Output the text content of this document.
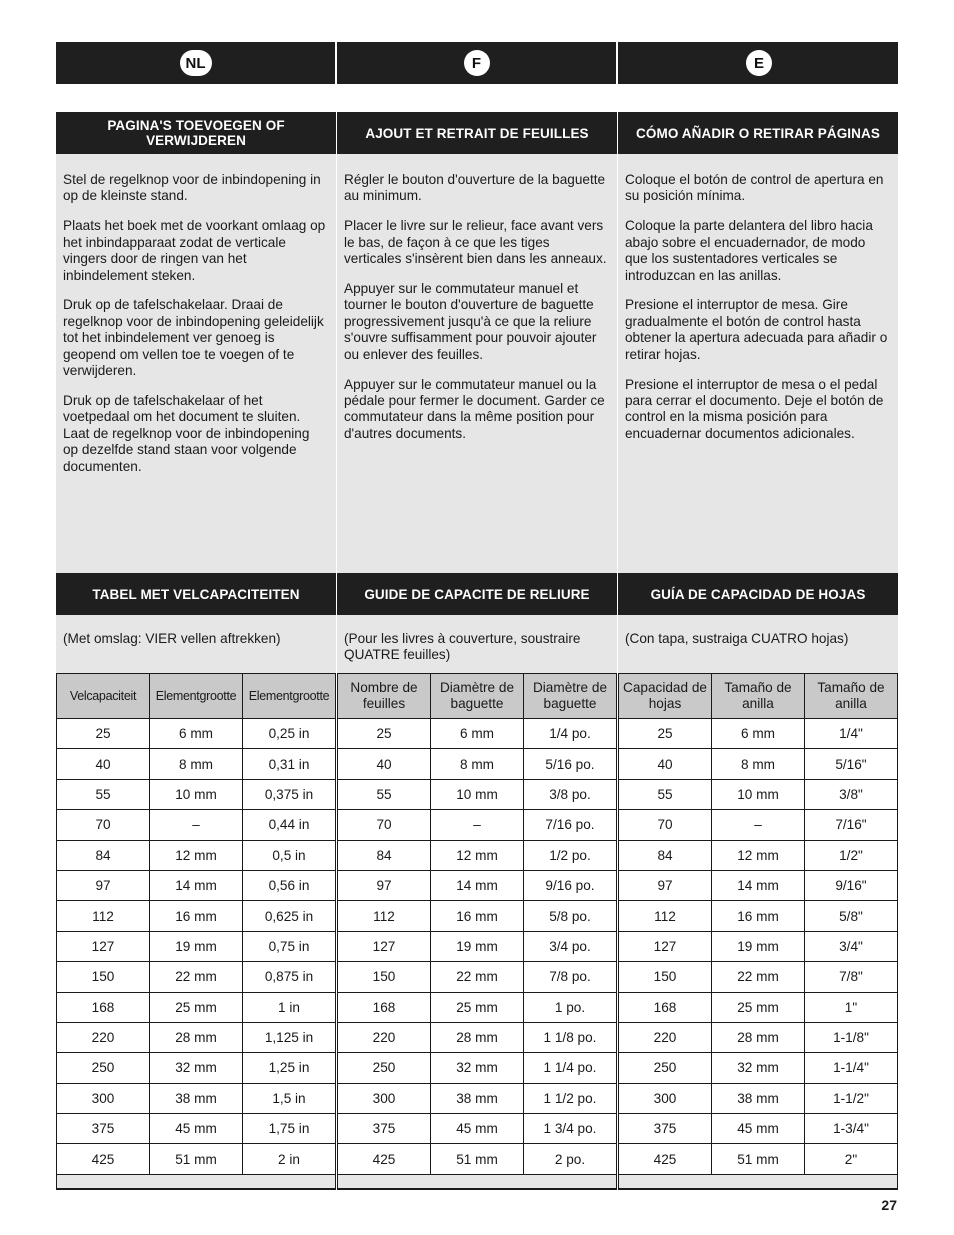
NL	F	E
PAGINA'S TOEVOEGEN OF VERWIJDEREN

Stel de regelknop voor de inbindopening in op de kleinste stand.

Plaats het boek met de voorkant omlaag op het inbindapparaat zodat de verticale vingers door de ringen van het inbindelement steken.

Druk op de tafelschakelaar. Draai de regelknop voor de inbindopening geleidelijk tot het inbindelement ver genoeg is geopend om vellen toe te voegen of te verwijderen.

Druk op de tafelschakelaar of het voetpedaal om het document te sluiten. Laat de regelknop voor de inbindopening op dezelfde stand staan voor volgende documenten.

TABEL MET VELCAPACITEITEN
(Met omslag: VIER vellen aftrekken)
Velcapaciteit	Elementgrootte	Elementgrootte
25	6 mm	0,25 in
40	8 mm	0,31 in
55	10 mm	0,375 in
70	–	0,44 in
84	12 mm	0,5 in
97	14 mm	0,56 in
112	16 mm	0,625 in
127	19 mm	0,75 in
150	22 mm	0,875 in
168	25 mm	1 in
220	28 mm	1,125 in
250	32 mm	1,25 in
300	38 mm	1,5 in
375	45 mm	1,75 in
425	51 mm	2 in
AJOUT ET RETRAIT DE FEUILLES

Régler le bouton d'ouverture de la baguette au minimum.

Placer le livre sur le relieur, face avant vers le bas, de façon à ce que les tiges verticales s'insèrent bien dans les anneaux.

Appuyer sur le commutateur manuel et tourner le bouton d'ouverture de baguette progressivement jusqu'à ce que la reliure s'ouvre suffisamment pour pouvoir ajouter ou enlever des feuilles.

Appuyer sur le commutateur manuel ou la pédale pour fermer le document. Garder ce commutateur dans la même position pour d'autres documents.

GUIDE DE CAPACITE DE RELIURE
(Pour les livres à couverture, soustraire QUATRE feuilles)
Nombre de feuilles	Diamètre de baguette	Diamètre de baguette
25	6 mm	1/4 po.
40	8 mm	5/16 po.
55	10 mm	3/8 po.
70	–	7/16 po.
84	12 mm	1/2 po.
97	14 mm	9/16 po.
112	16 mm	5/8 po.
127	19 mm	3/4 po.
150	22 mm	7/8 po.
168	25 mm	1 po.
220	28 mm	1 1/8 po.
250	32 mm	1 1/4 po.
300	38 mm	1 1/2 po.
375	45 mm	1 3/4 po.
425	51 mm	2 po.
CÓMO AÑADIR O RETIRAR PÁGINAS

Coloque el botón de control de apertura en su posición mínima.

Coloque la parte delantera del libro hacia abajo sobre el encuadernador, de modo que los sustentadores verticales se introduzcan en las anillas.

Presione el interruptor de mesa. Gire gradualmente el botón de control hasta obtener la apertura adecuada para añadir o retirar hojas.

Presione el interruptor de mesa o el pedal para cerrar el documento. Deje el botón de control en la misma posición para encuadernar documentos adicionales.

GUÍA DE CAPACIDAD DE HOJAS
(Con tapa, sustraiga CUATRO hojas)
Capacidad de hojas	Tamaño de anilla	Tamaño de anilla
25	6 mm	1/4"
40	8 mm	5/16"
55	10 mm	3/8"
70	–	7/16"
84	12 mm	1/2"
97	14 mm	9/16"
112	16 mm	5/8"
127	19 mm	3/4"
150	22 mm	7/8"
168	25 mm	1"
220	28 mm	1-1/8"
250	32 mm	1-1/4"
300	38 mm	1-1/2"
375	45 mm	1-3/4"
425	51 mm	2"
27
